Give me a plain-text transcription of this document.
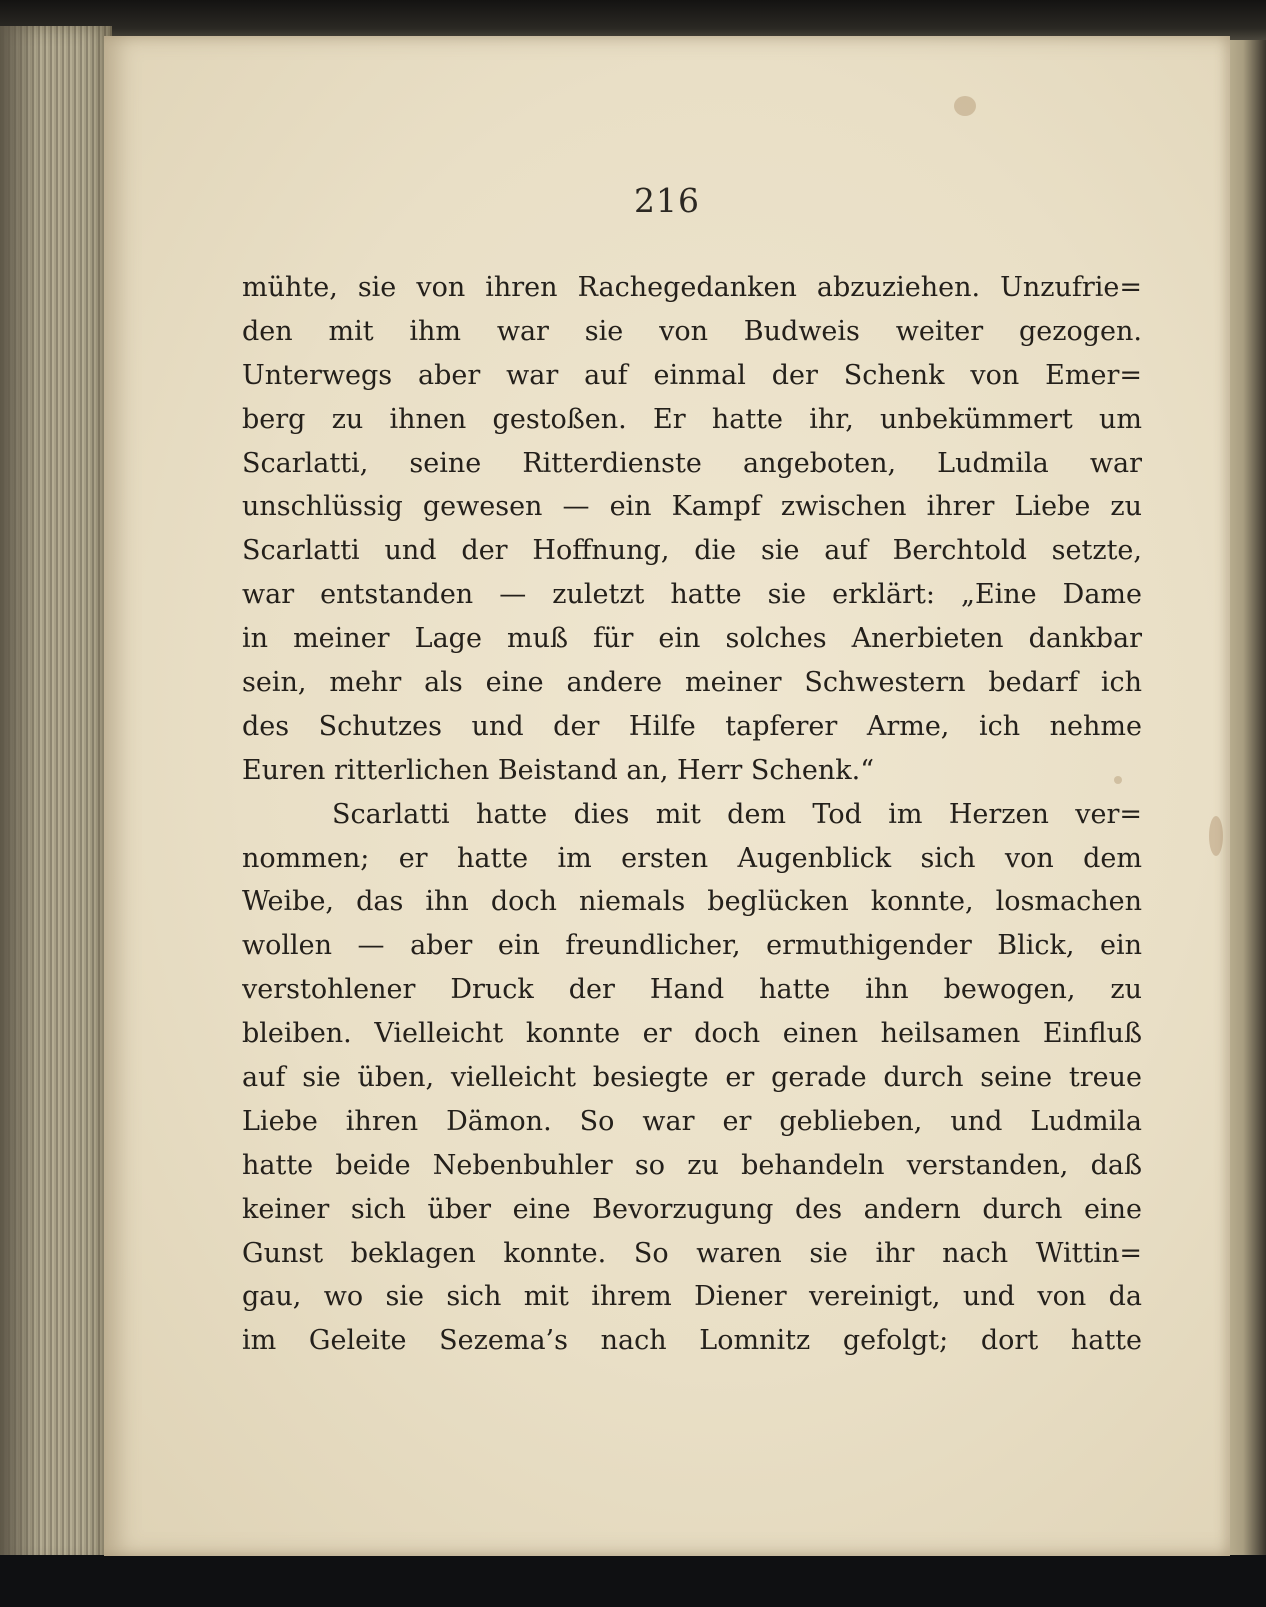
216
mühte, sie von ihren Rachegedanken abzuziehen. Unzufrie=
den mit ihm war sie von Budweis weiter gezogen.
Unterwegs aber war auf einmal der Schenk von Emer=
berg zu ihnen gestoßen. Er hatte ihr, unbekümmert um
Scarlatti, seine Ritterdienste angeboten, Ludmila war
unschlüssig gewesen — ein Kampf zwischen ihrer Liebe zu
Scarlatti und der Hoffnung, die sie auf Berchtold setzte,
war entstanden — zuletzt hatte sie erklärt: „Eine Dame
in meiner Lage muß für ein solches Anerbieten dankbar
sein, mehr als eine andere meiner Schwestern bedarf ich
des Schutzes und der Hilfe tapferer Arme, ich nehme
Euren ritterlichen Beistand an, Herr Schenk.“
Scarlatti hatte dies mit dem Tod im Herzen ver=
nommen; er hatte im ersten Augenblick sich von dem
Weibe, das ihn doch niemals beglücken konnte, losmachen
wollen — aber ein freundlicher, ermuthigender Blick, ein
verstohlener Druck der Hand hatte ihn bewogen, zu
bleiben. Vielleicht konnte er doch einen heilsamen Einfluß
auf sie üben, vielleicht besiegte er gerade durch seine treue
Liebe ihren Dämon. So war er geblieben, und Ludmila
hatte beide Nebenbuhler so zu behandeln verstanden, daß
keiner sich über eine Bevorzugung des andern durch eine
Gunst beklagen konnte. So waren sie ihr nach Wittin=
gau, wo sie sich mit ihrem Diener vereinigt, und von da
im Geleite Sezema’s nach Lomnitz gefolgt; dort hatte
